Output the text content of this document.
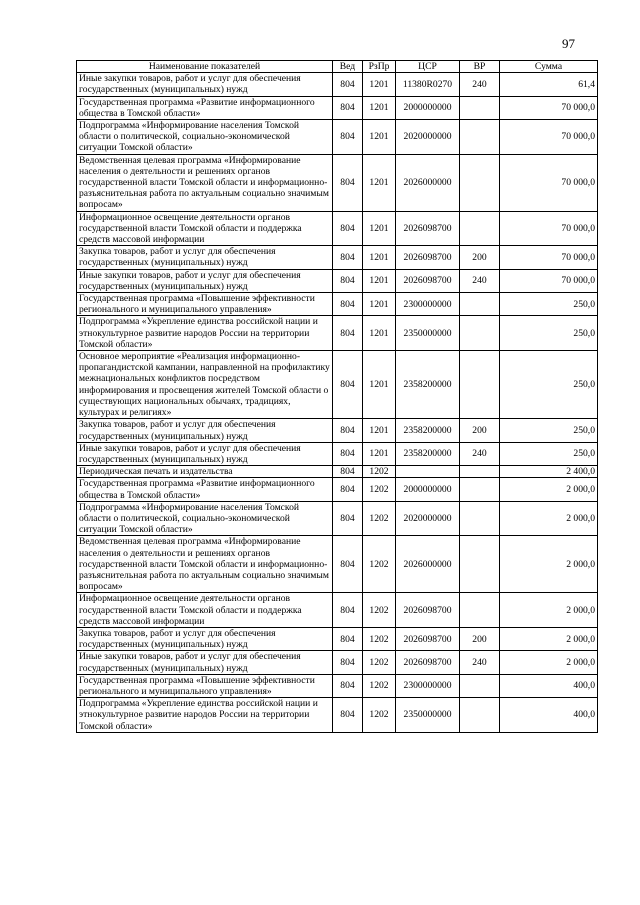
97
Наименование показателей	Вед	РзПр	ЦСР	ВР	Сумма
Иные закупки товаров, работ и услуг для обеспечения государственных (муниципальных) нужд	804	1201	11380R0270	240	61,4
Государственная программа «Развитие информационного общества в Томской области»	804	1201	2000000000		70 000,0
Подпрограмма «Информирование населения Томской области о политической, социально-экономической ситуации Томской области»	804	1201	2020000000		70 000,0
Ведомственная целевая программа «Информирование населения о деятельности и решениях органов государственной власти Томской области и информационно-разъяснительная работа по актуальным социально значимым вопросам»	804	1201	2026000000		70 000,0
Информационное освещение деятельности органов государственной власти Томской области и поддержка средств массовой информации	804	1201	2026098700		70 000,0
Закупка товаров, работ и услуг для обеспечения государственных (муниципальных) нужд	804	1201	2026098700	200	70 000,0
Иные закупки товаров, работ и услуг для обеспечения государственных (муниципальных) нужд	804	1201	2026098700	240	70 000,0
Государственная программа «Повышение эффективности регионального и муниципального управления»	804	1201	2300000000		250,0
Подпрограмма «Укрепление единства российской нации и этнокультурное развитие народов России на территории Томской области»	804	1201	2350000000		250,0
Основное мероприятие «Реализация информационно-пропагандистской кампании, направленной на профилактику межнациональных конфликтов посредством информирования и просвещения жителей Томской области о существующих национальных обычаях, традициях, культурах и религиях»	804	1201	2358200000		250,0
Закупка товаров, работ и услуг для обеспечения государственных (муниципальных) нужд	804	1201	2358200000	200	250,0
Иные закупки товаров, работ и услуг для обеспечения государственных (муниципальных) нужд	804	1201	2358200000	240	250,0
Периодическая печать и издательства	804	1202			2 400,0
Государственная программа «Развитие информационного общества в Томской области»	804	1202	2000000000		2 000,0
Подпрограмма «Информирование населения Томской области о политической, социально-экономической ситуации Томской области»	804	1202	2020000000		2 000,0
Ведомственная целевая программа «Информирование населения о деятельности и решениях органов государственной власти Томской области и информационно-разъяснительная работа по актуальным социально значимым вопросам»	804	1202	2026000000		2 000,0
Информационное освещение деятельности органов государственной власти Томской области и поддержка средств массовой информации	804	1202	2026098700		2 000,0
Закупка товаров, работ и услуг для обеспечения государственных (муниципальных) нужд	804	1202	2026098700	200	2 000,0
Иные закупки товаров, работ и услуг для обеспечения государственных (муниципальных) нужд	804	1202	2026098700	240	2 000,0
Государственная программа «Повышение эффективности регионального и муниципального управления»	804	1202	2300000000		400,0
Подпрограмма «Укрепление единства российской нации и этнокультурное развитие народов России на территории Томской области»	804	1202	2350000000		400,0
